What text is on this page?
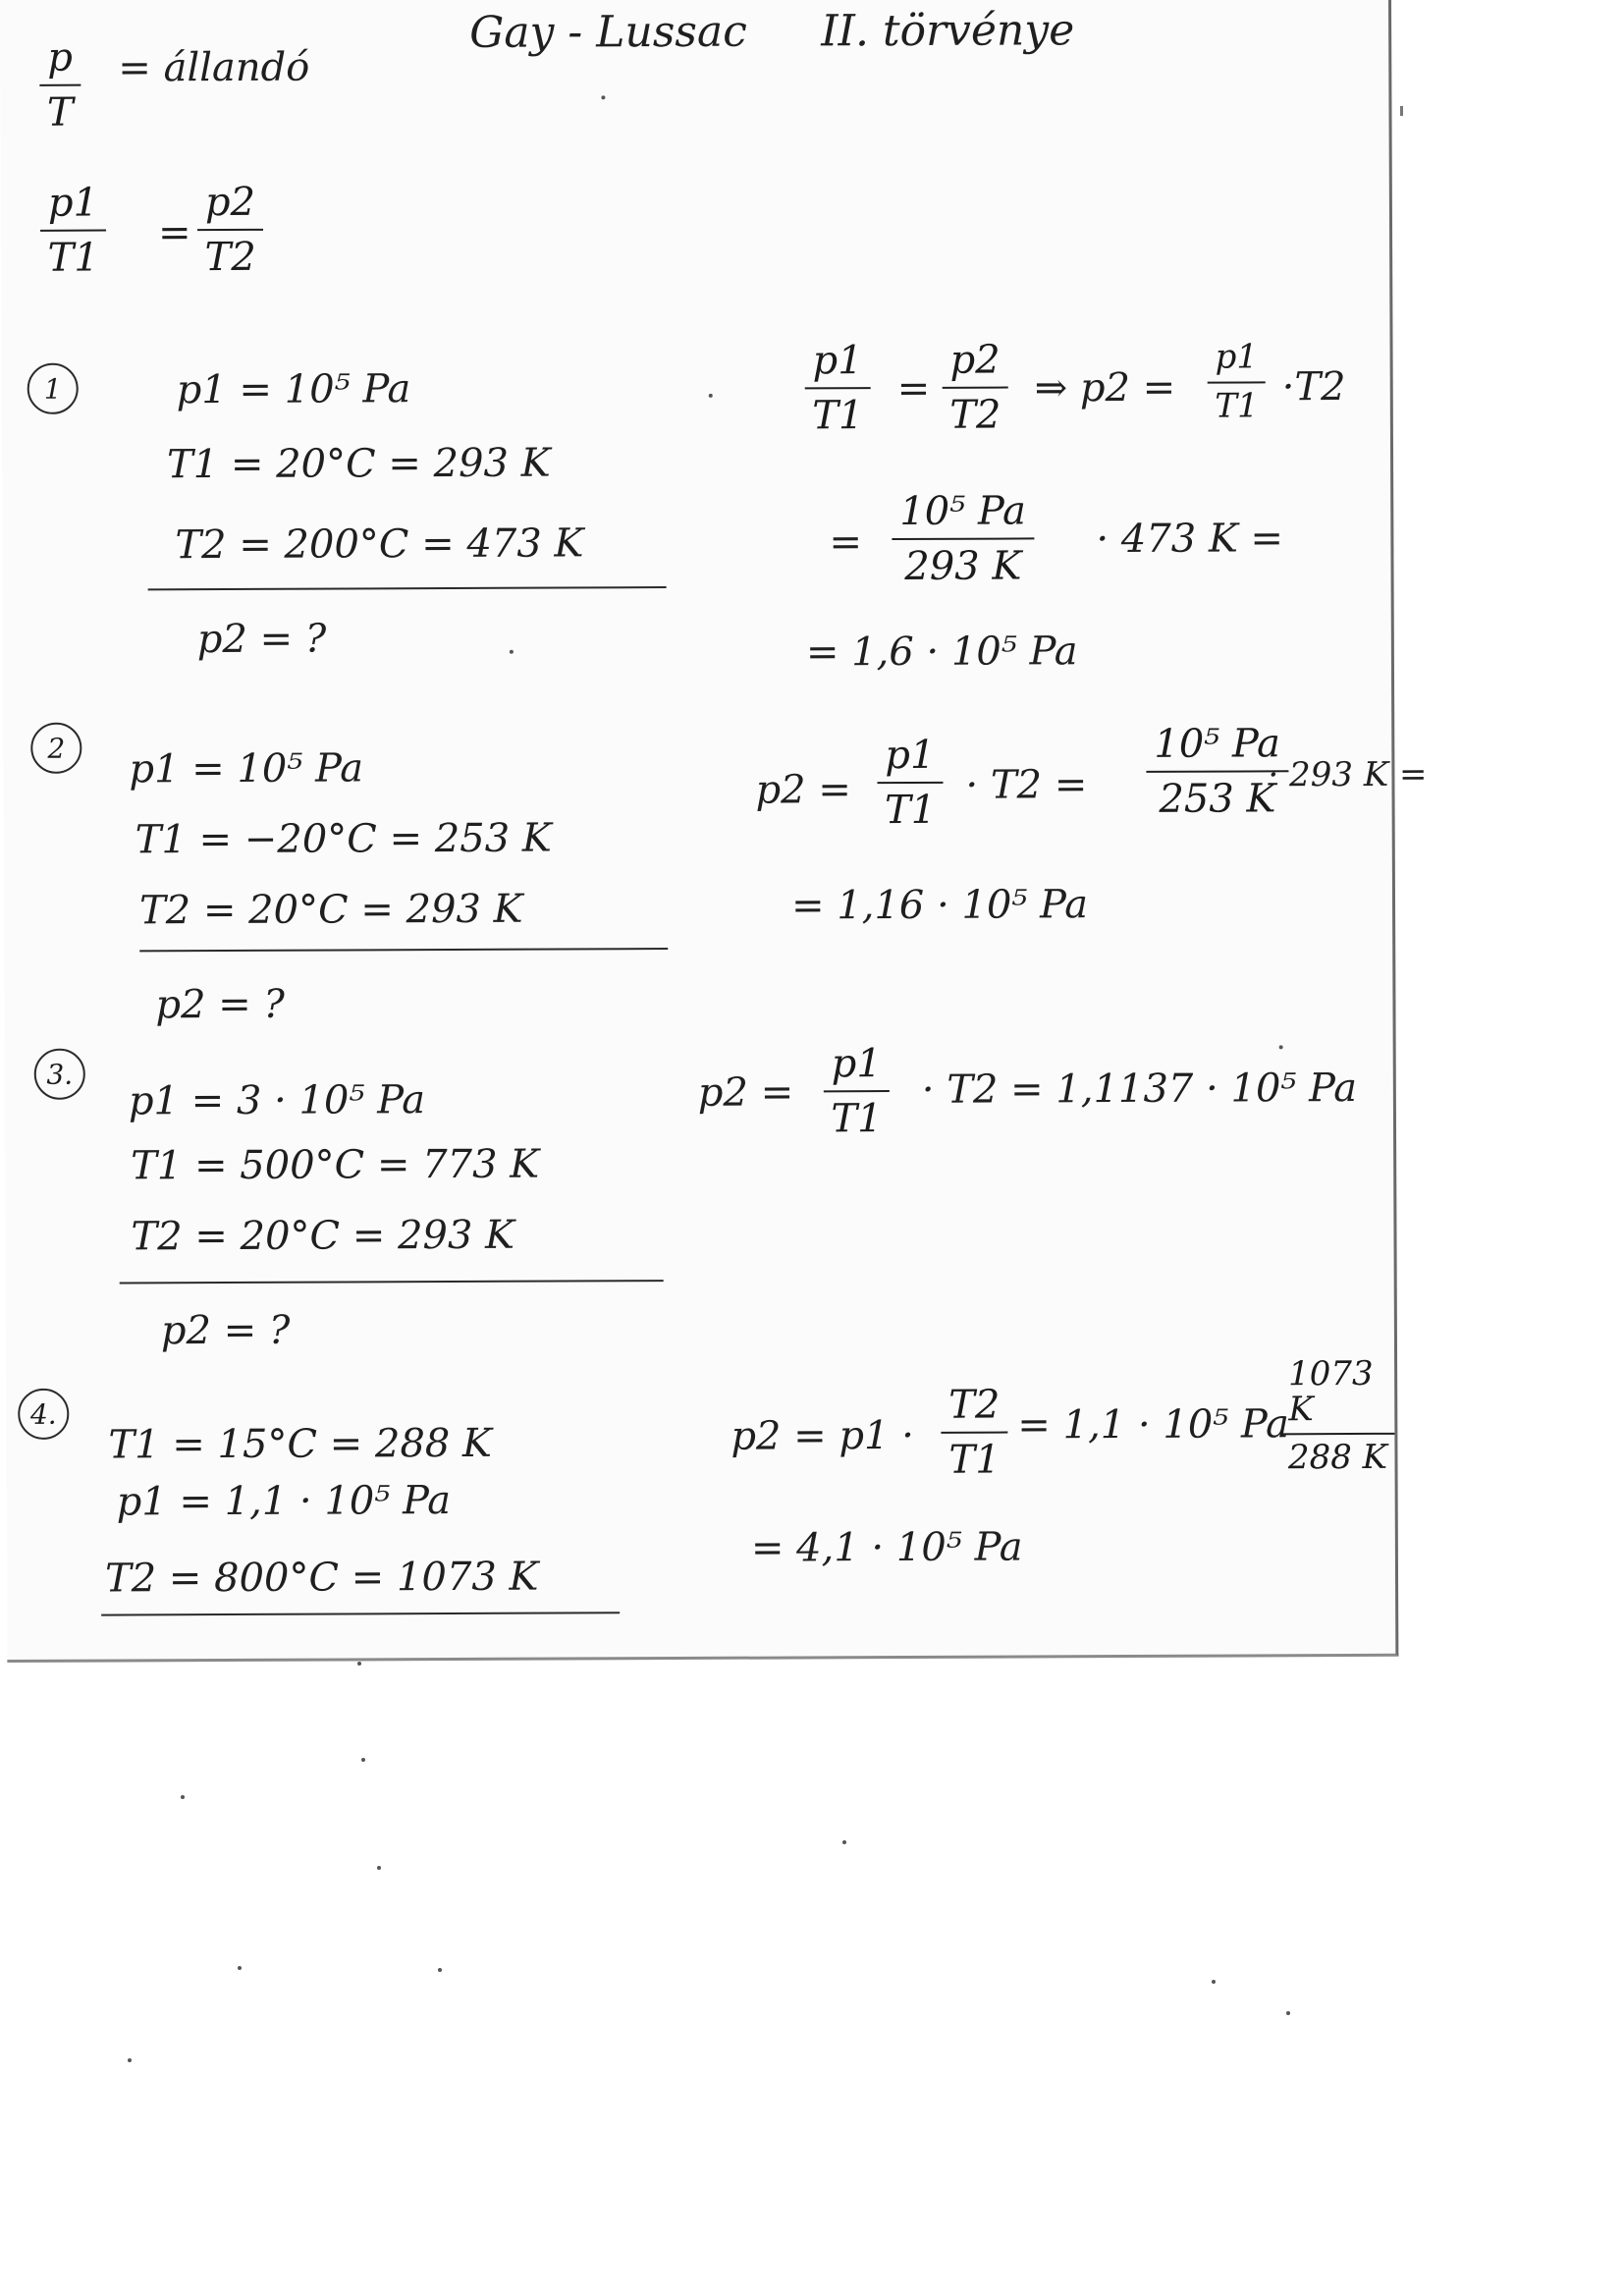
Gay - Lussac II. törvénye
$\frac{p}{T}$ = állandó
$\frac{p1}{T1} = \frac{p2}{T2}$
1	p1 = 10⁵ Pa
T1 = 20°C = 293 K
T2 = 200°C = 473 K
p2 = ?
$\frac{p1}{T1} = \frac{p2}{T2}$ ⇒ $p2 = \frac{p1}{T1} \cdot T2$
= $\frac{\text{10⁵ Pa}}{293 K} \cdot 473$ K =
= 1,6 · 10⁵ Pa
2	p1 = 10⁵ Pa
T1 = −20°C = 253 K
T2 = 20°C = 293 K
p2 = ?
$p2 = \frac{p1}{T1} \cdot T2 = \frac{\text{10⁵ Pa}}{253 K}$
· 293 K =
= 1,16 · 10⁵ Pa
3.
p1 = 3 · 10⁵ Pa
T1 = 500°C = 773 K
T2 = 20°C = 293 K
p2 = ?
$p2 = \frac{p1}{T1} \cdot T2 = 1,1137 \cdot 10^5$ Pa
4.
T1 = 15°C = 288 K
p1 = 1,1 · 10⁵ Pa
T2 = 800°C = 1073 K
$p2 = p1 \cdot \frac{T2}{T1} = 1,1 \cdot 10^5$ Pa
$\frac{1073 K}{288 K}$
= 4,1 · 10⁵ Pa
